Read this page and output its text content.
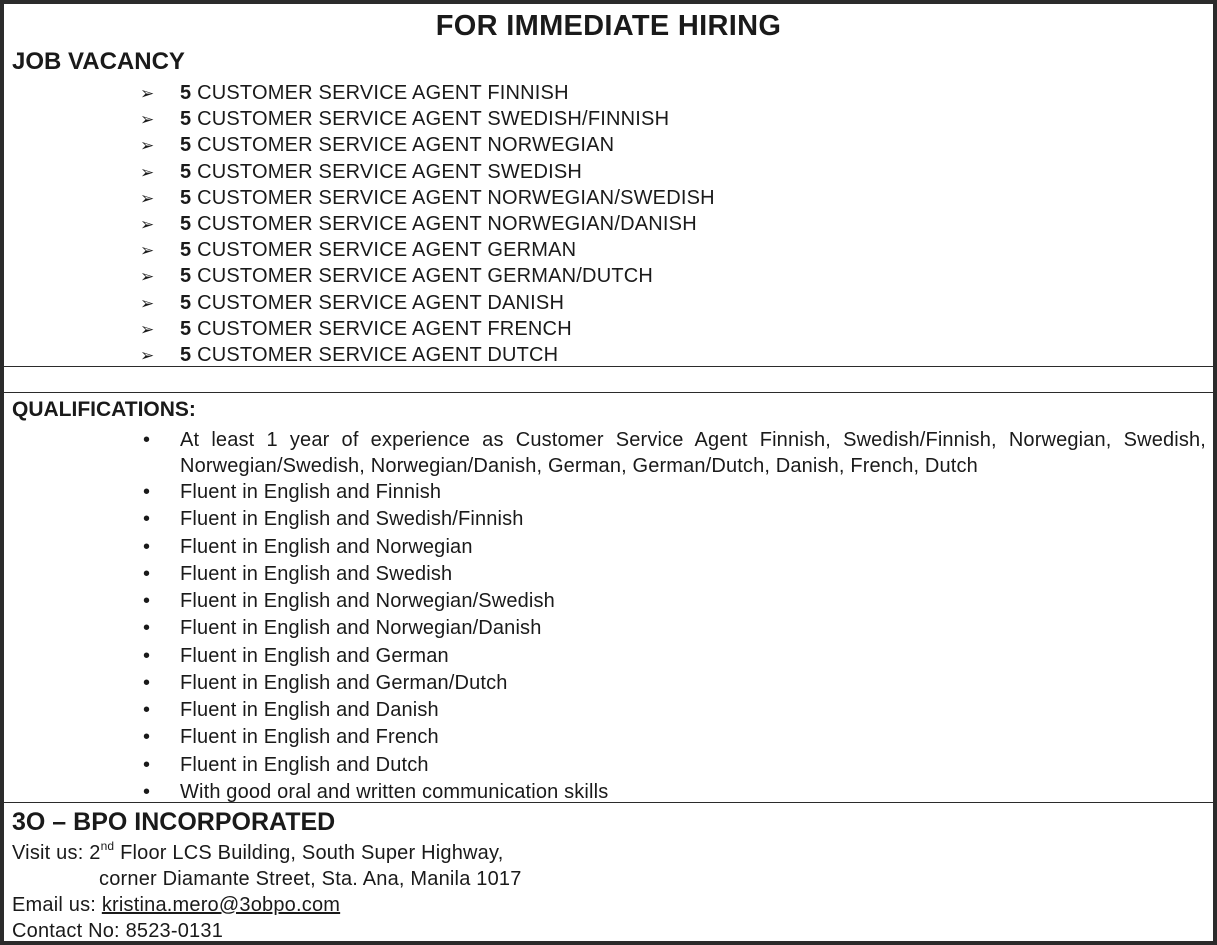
FOR IMMEDIATE HIRING
JOB VACANCY
➢ 5 CUSTOMER SERVICE AGENT FINNISH
➢ 5 CUSTOMER SERVICE AGENT SWEDISH/FINNISH
➢ 5 CUSTOMER SERVICE AGENT NORWEGIAN
➢ 5 CUSTOMER SERVICE AGENT SWEDISH
➢ 5 CUSTOMER SERVICE AGENT NORWEGIAN/SWEDISH
➢ 5 CUSTOMER SERVICE AGENT NORWEGIAN/DANISH
➢ 5 CUSTOMER SERVICE AGENT GERMAN
➢ 5 CUSTOMER SERVICE AGENT GERMAN/DUTCH
➢ 5 CUSTOMER SERVICE AGENT DANISH
➢ 5 CUSTOMER SERVICE AGENT FRENCH
➢ 5 CUSTOMER SERVICE AGENT DUTCH
QUALIFICATIONS:
• At least 1 year of experience as Customer Service Agent Finnish, Swedish/Finnish, Norwegian, Swedish, Norwegian/Swedish, Norwegian/Danish, German, German/Dutch, Danish, French, Dutch
• Fluent in English and Finnish
• Fluent in English and Swedish/Finnish
• Fluent in English and Norwegian
• Fluent in English and Swedish
• Fluent in English and Norwegian/Swedish
• Fluent in English and Norwegian/Danish
• Fluent in English and German
• Fluent in English and German/Dutch
• Fluent in English and Danish
• Fluent in English and French
• Fluent in English and Dutch
• With good oral and written communication skills
3O – BPO INCORPORATED
Visit us: 2nd Floor LCS Building, South Super Highway,
corner Diamante Street, Sta. Ana, Manila 1017
Email us: kristina.mero@3obpo.com
Contact No: 8523-0131
